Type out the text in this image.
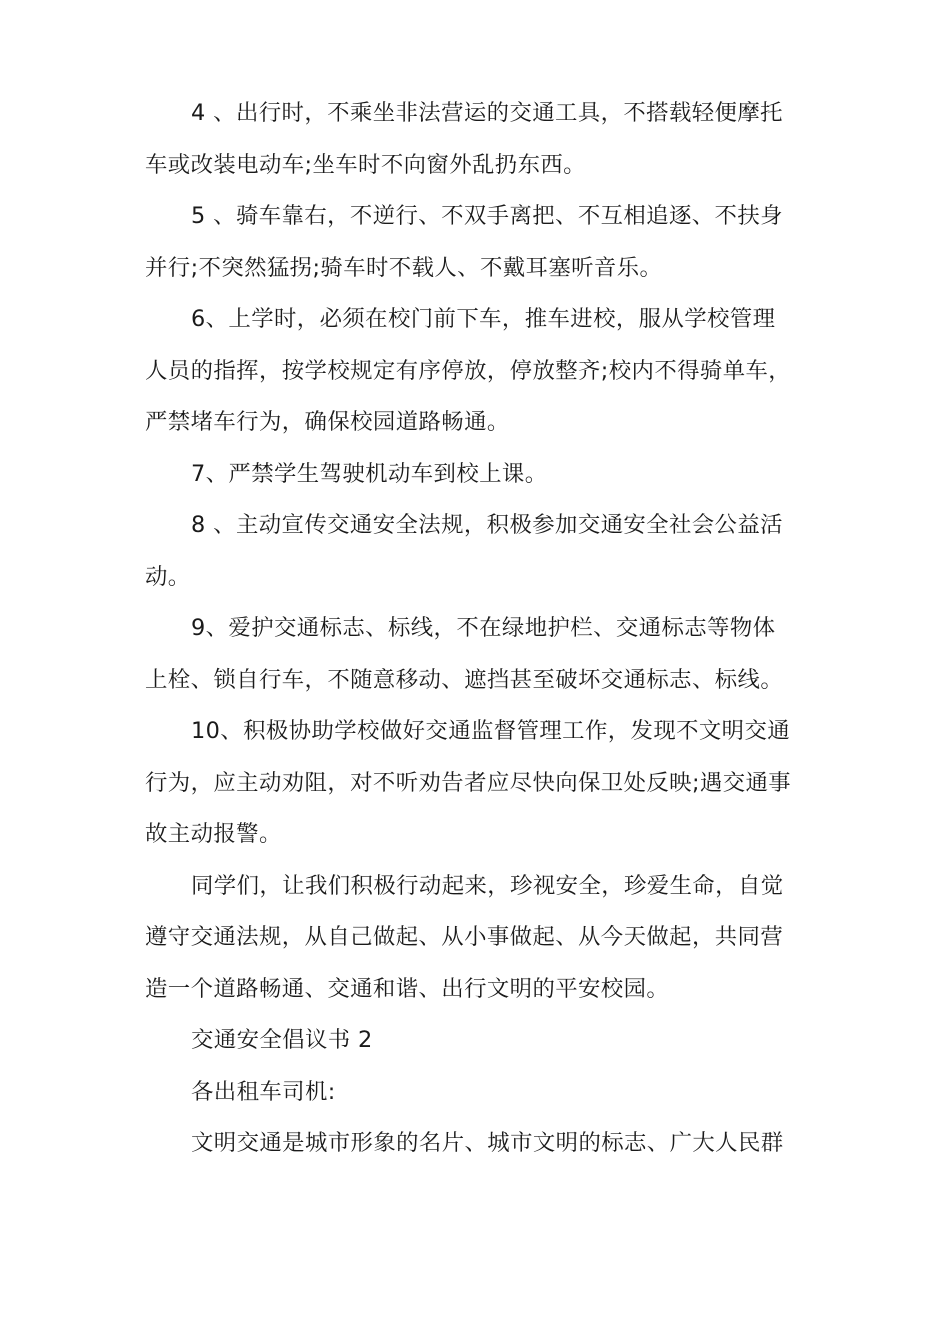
4 、出行时，不乘坐非法营运的交通工具，不搭载轻便摩托
车或改装电动车;坐车时不向窗外乱扔东西。

5 、骑车靠右，不逆行、不双手离把、不互相追逐、不扶身
并行;不突然猛拐;骑车时不载人、不戴耳塞听音乐。

6、上学时，必须在校门前下车，推车进校，服从学校管理
人员的指挥，按学校规定有序停放，停放整齐;校内不得骑单车，
严禁堵车行为，确保校园道路畅通。

7、严禁学生驾驶机动车到校上课。

8 、主动宣传交通安全法规，积极参加交通安全社会公益活
动。

9、爱护交通标志、标线，不在绿地护栏、交通标志等物体
上栓、锁自行车，不随意移动、遮挡甚至破坏交通标志、标线。

10、积极协助学校做好交通监督管理工作，发现不文明交通
行为，应主动劝阻，对不听劝告者应尽快向保卫处反映;遇交通事
故主动报警。

同学们，让我们积极行动起来，珍视安全，珍爱生命，自觉
遵守交通法规，从自己做起、从小事做起、从今天做起，共同营
造一个道路畅通、交通和谐、出行文明的平安校园。

交通安全倡议书 2

各出租车司机:

文明交通是城市形象的名片、城市文明的标志、广大人民群
